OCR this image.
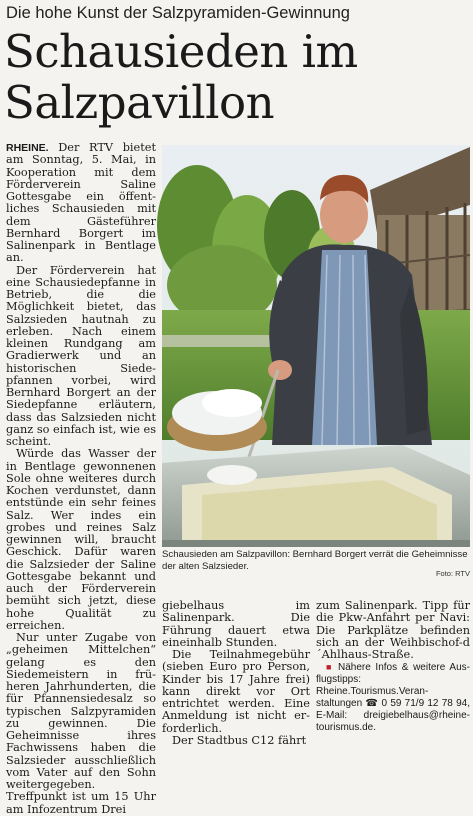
Die hohe Kunst der Salzpyramiden-Gewinnung
Schausieden im
Salzpavillon

RHEINE. Der RTV bietet am Sonntag, 5. Mai, in Kooperation mit dem Förderverein Saline Gottesgabe ein öffentliches Schausieden mit dem Gästeführer Bernhard Borgert im Salinenpark in Bentlage an.

Der Förderverein hat eine Schausiedepfanne in Betrieb, die die Möglichkeit bietet, das Salzsieden hautnah zu erleben. Nach einem kleinen Rundgang am Gradierwerk und an historischen Siedepfannen vorbei, wird Bernhard Borgert an der Siedepfanne erläutern, dass das Salzsieden nicht ganz so einfach ist, wie es scheint.

Würde das Wasser der in Bentlage gewonnenen Sole ohne weiteres durch Kochen verdunstet, dann entstünde ein sehr feines Salz. Wer indes ein grobes und reines Salz gewinnen will, braucht Geschick. Dafür waren die Salzsieder der Saline Gottesgabe bekannt und auch der Förderverein bemüht sich jetzt, diese hohe Qualität zu erreichen.

Nur unter Zugabe von „geheimen Mittelchen“ gelang es den Siedemeistern in früheren Jahrhunderten, die für Pfannensiedesalz so typischen Salzpyramiden zu gewinnen. Die Geheimnisse ihres Fachwissens haben die Salzsieder ausschließlich vom Vater auf den Sohn weitergegeben. Treffpunkt ist um 15 Uhr am Infozentrum Drei

Schausieden am Salzpavillon: Bernhard Borgert verrät die Geheimnisse der alten Salzsieder.
Foto: RTV

giebelhaus im Salinenpark. Die Führung dauert etwa eineinhalb Stunden.

Die Teilnahmegebühr (sieben Euro pro Person, Kinder bis 17 Jahre frei) kann direkt vor Ort entrichtet werden. Eine Anmeldung ist nicht erforderlich.

Der Stadtbus C12 fährt

zum Salinenpark. Tipp für die Pkw-Anfahrt per Navi: Die Parkplätze befinden sich an der Weihbischof-d´Ahlhaus-Straße.

■ Nähere Infos & weitere Ausflugstipps: Rheine.Tourismus.Veranstaltungen ☎ 0 59 71/9 12 78 94, E-Mail: dreigiebelhaus@rheine-tourismus.de.
